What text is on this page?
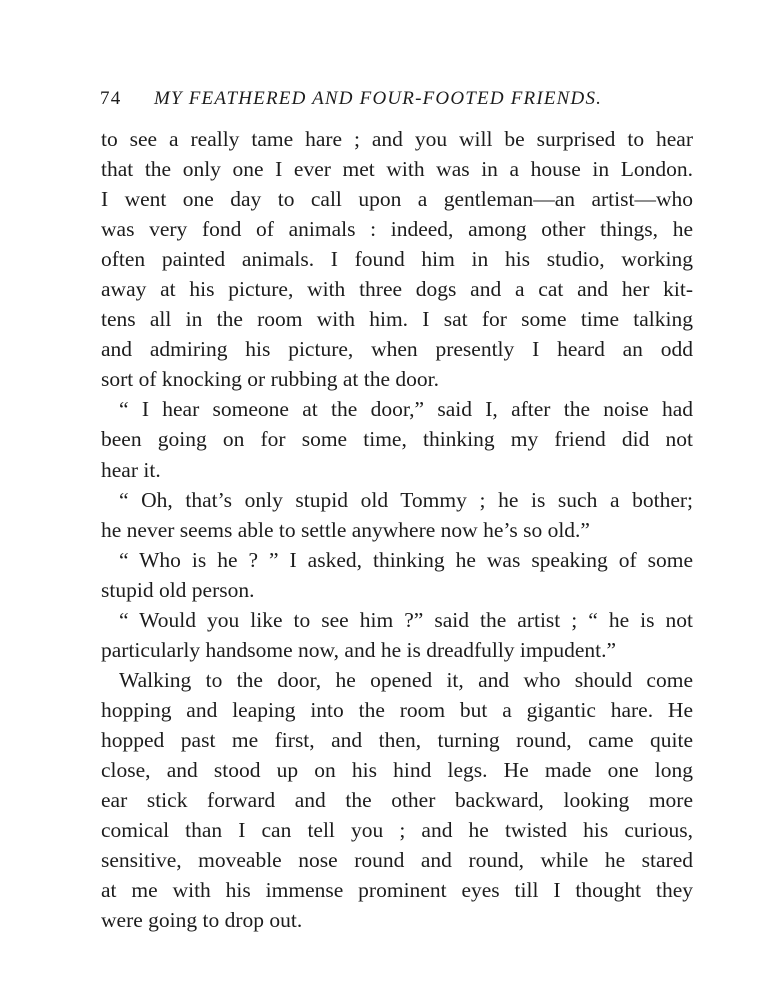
74 MY FEATHERED AND FOUR-FOOTED FRIENDS.
to see a really tame hare ; and you will be surprised to hear
that the only one I ever met with was in a house in London.
I went one day to call upon a gentleman—an artist—who
was very fond of animals : indeed, among other things, he
often painted animals. I found him in his studio, working
away at his picture, with three dogs and a cat and her kit-
tens all in the room with him. I sat for some time talking
and admiring his picture, when presently I heard an odd
sort of knocking or rubbing at the door.
“ I hear someone at the door,” said I, after the noise had
been going on for some time, thinking my friend did not
hear it.
“ Oh, that’s only stupid old Tommy ; he is such a bother;
he never seems able to settle anywhere now he’s so old.”
“ Who is he ? ” I asked, thinking he was speaking of some
stupid old person.
“ Would you like to see him ?” said the artist ; “ he is not
particularly handsome now, and he is dreadfully impudent.”
Walking to the door, he opened it, and who should come
hopping and leaping into the room but a gigantic hare. He
hopped past me first, and then, turning round, came quite
close, and stood up on his hind legs. He made one long
ear stick forward and the other backward, looking more
comical than I can tell you ; and he twisted his curious,
sensitive, moveable nose round and round, while he stared
at me with his immense prominent eyes till I thought they
were going to drop out.
